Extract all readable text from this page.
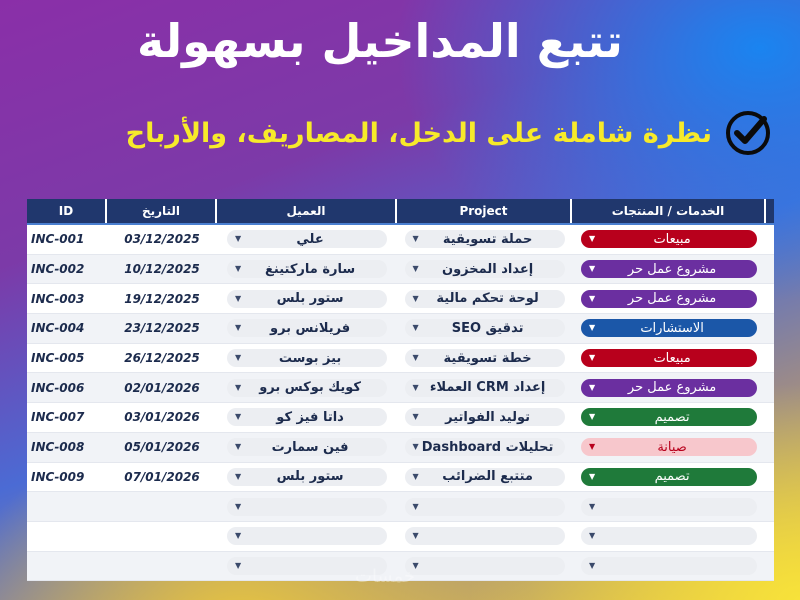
تتبع المداخيل بسهولة
نظرة شاملة على الدخل، المصاريف، والأرباح
ID	التاريخ	العميل	Project	الخدمات / المنتجات
INC-001	03/12/2025	▼	علي	▼	حملة تسويقية	▼	مبيعات
INC-002	10/12/2025	▼	سارة ماركتينغ	▼	إعداد المخزون	▼	مشروع عمل حر
INC-003	19/12/2025	▼	ستور بلس	▼	لوحة تحكم مالية	▼	مشروع عمل حر
INC-004	23/12/2025	▼	فريلانس برو	▼	تدقيق SEO	▼	الاستشارات
INC-005	26/12/2025	▼	بيز بوست	▼	خطة تسويقية	▼	مبيعات
INC-006	02/01/2026	▼	كويك بوكس برو	▼ إعداد CRM العملاء	▼	مشروع عمل حر
INC-007	03/01/2026	▼	داتا فيز كو	▼	توليد الفواتير	▼	تصميم
INC-008	05/01/2026	▼	فين سمارت	▼ تحليلات Dashboard	▼	صيانة
INC-009	07/01/2026	▼	ستور بلس	▼	متتبع الضرائب	▼	تصميم
▼	▼	▼
▼	▼	▼
▼	▼	▼
خمسات
